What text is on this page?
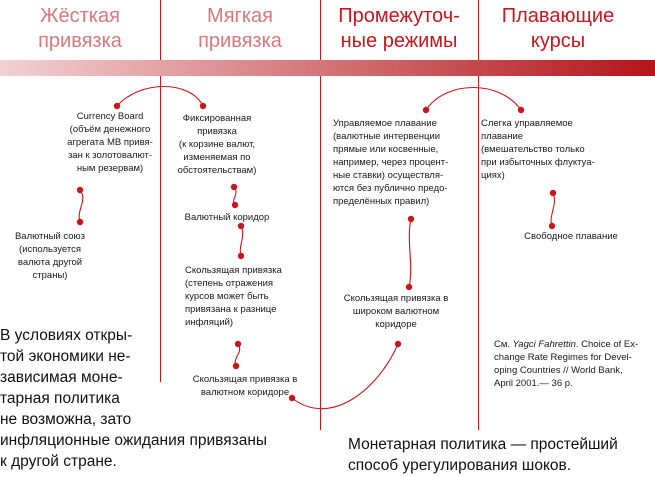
Жёсткая
привязка
Мягкая
привязка
Промежуточ-
ные режимы
Плавающие
курсы
Currency Board
(объём денежного
агрегата МВ привя-
зан к золотовалют-
ным резервам)
Валютный союз
(используется
валюта другой
страны)
Фиксированная
привязка
(к корзине валют,
изменяемая по
обстоятельствам)
Валютный коридор
Скользящая привязка
(степень отражения
курсов может быть
привязана к разнице
инфляций)
Скользящая привязка в
валютном коридоре
Управляемое плавание
(валютные интервенции
прямые или косвенные,
например, через процент-
ные ставки) осуществля-
ются без публично предо-
пределённых правил)
Скользящая привязка в
широком валютном
коридоре
Слегка управляемое
плавание
(вмешательство только
при избыточных флуктуа-
циях)
Свободное плавание

См. Yagci Fahrettin. Choice of Ex-
change Rate Regimes for Devel-
oping Countries // World Bank,
April 2001.— 36 р.

В условиях откры-
той экономики не-
зависимая моне-
тарная политика
не возможна, зато
инфляционные ожидания привязаны
к другой стране.
Монетарная политика — простейший
способ урегулирования шоков.
